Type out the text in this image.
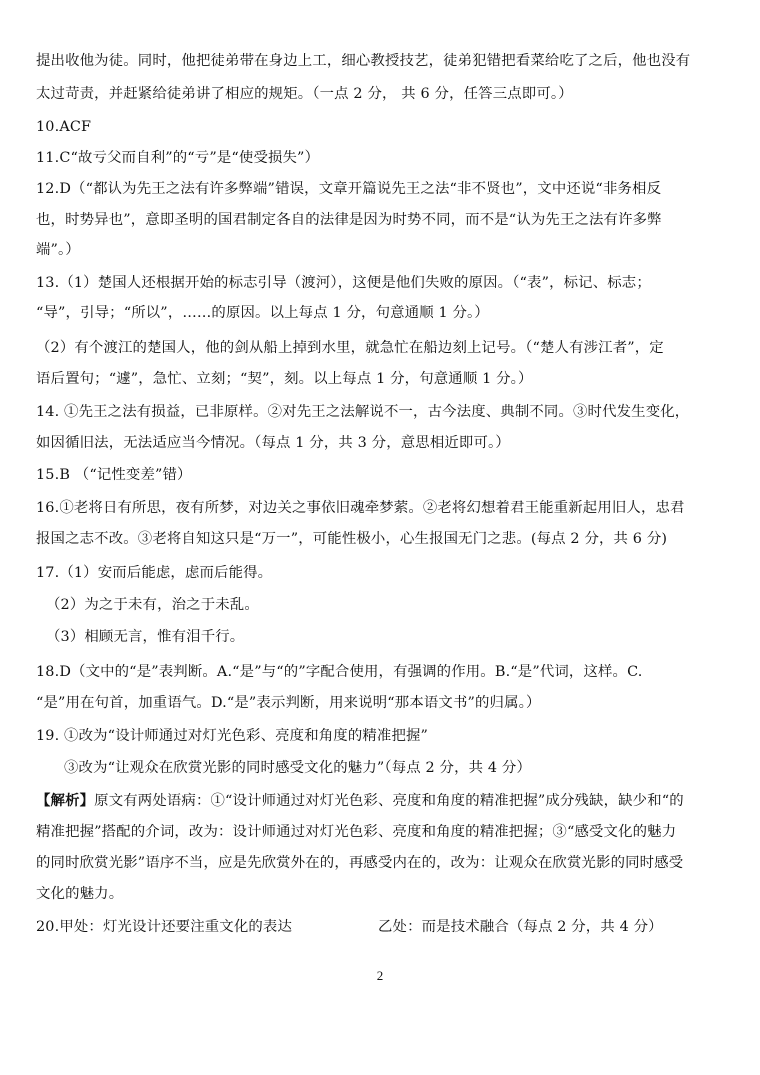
提出收他为徒。同时，他把徒弟带在身边上工，细心教授技艺，徒弟犯错把看菜给吃了之后，他也没有
太过苛责，并赶紧给徒弟讲了相应的规矩。（一点 2 分， 共 6 分，任答三点即可。）
10.ACF
11.C“故亏父而自利”的“亏”是“使受损失”）
12.D（“都认为先王之法有许多弊端”错误，文章开篇说先王之法“非不贤也”，文中还说“非务相反
也，时势异也”，意即圣明的国君制定各自的法律是因为时势不同，而不是“认为先王之法有许多弊
端”。）
13.（1）楚国人还根据开始的标志引导（渡河），这便是他们失败的原因。（“表”，标记、标志；
“导”，引导；“所以”，……的原因。以上每点 1 分，句意通顺 1 分。）
（2）有个渡江的楚国人，他的剑从船上掉到水里，就急忙在船边刻上记号。（“楚人有涉江者”，定
语后置句；“遽”，急忙、立刻；“契”，刻。以上每点 1 分，句意通顺 1 分。）
14. ①先王之法有损益，已非原样。②对先王之法解说不一，古今法度、典制不同。③时代发生变化，
如因循旧法，无法适应当今情况。（每点 1 分，共 3 分，意思相近即可。）
15.B （“记性变差”错）
16.①老将日有所思，夜有所梦，对边关之事依旧魂牵梦萦。②老将幻想着君王能重新起用旧人，忠君
报国之志不改。③老将自知这只是“万一”，可能性极小，心生报国无门之悲。(每点 2 分，共 6 分)
17.（1）安而后能虑，虑而后能得。
（2）为之于未有，治之于未乱。
（3）相顾无言，惟有泪千行。
18.D（文中的“是”表判断。A.“是”与“的”字配合使用，有强调的作用。B.“是”代词，这样。C.
“是”用在句首，加重语气。D.“是”表示判断，用来说明“那本语文书”的归属。）
19. ①改为“设计师通过对灯光色彩、亮度和角度的精准把握”
③改为“让观众在欣赏光影的同时感受文化的魅力”（每点 2 分，共 4 分）
【解析】原文有两处语病：①“设计师通过对灯光色彩、亮度和角度的精准把握”成分残缺，缺少和“的
精准把握”搭配的介词，改为：设计师通过对灯光色彩、亮度和角度的精准把握；③“感受文化的魅力
的同时欣赏光影”语序不当，应是先欣赏外在的，再感受内在的，改为：让观众在欣赏光影的同时感受
文化的魅力。
20.甲处：灯光设计还要注重文化的表达	乙处：而是技术融合（每点 2 分，共 4 分）
2
